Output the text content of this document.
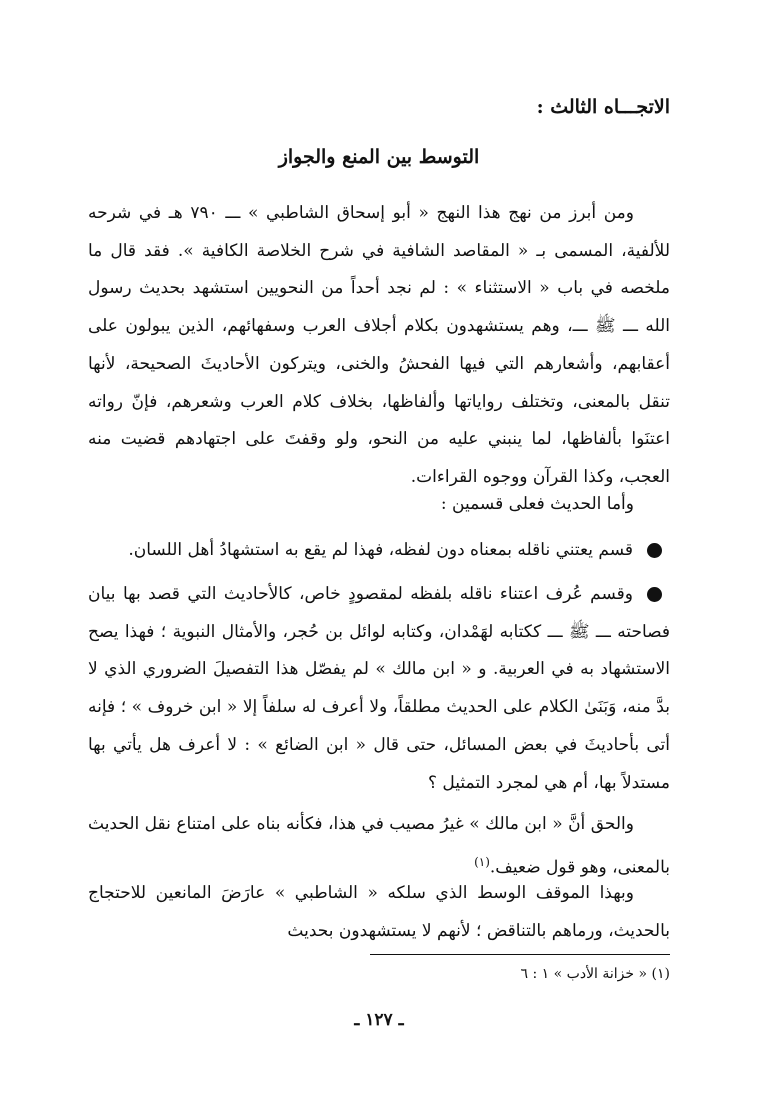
الاتجـــاه الثالث :
التوسط بين المنع والجواز

ومن أبرز من نهج هذا النهج « أبو إسحاق الشاطبي » ـــ ٧٩٠ هـ في شرحه للألفية، المسمى بـ « المقاصد الشافية في شرح الخلاصة الكافية ». فقد قال ما ملخصه في باب « الاستثناء » : لم نجد أحداً من النحويين استشهد بحديث رسول الله ـــ ﷺ ـــ، وهم يستشهدون بكلام أجلاف العرب وسفهائهم، الذين يبولون على أعقابهم، وأشعارهم التي فيها الفحشُ والخنى، ويتركون الأحاديثَ الصحيحة، لأنها تنقل بالمعنى، وتختلف رواياتها وألفاظها، بخلاف كلام العرب وشعرهم، فإنّ رواته اعتنَوا بألفاظها، لما ينبني عليه من النحو، ولو وقفتَ على اجتهادهم قضيت منه العجب، وكذا القرآن ووجوه القراءات.

وأما الحديث فعلى قسمين :

قسم يعتني ناقله بمعناه دون لفظه، فهذا لم يقع به استشهادُ أهل اللسان.

وقسم عُرف اعتناء ناقله بلفظه لمقصودٍ خاص، كالأحاديث التي قصد بها بيان فصاحته ـــ ﷺ ـــ ككتابه لهَمْدان، وكتابه لوائل بن حُجر، والأمثال النبوية ؛ فهذا يصح الاستشهاد به في العربية. و « ابن مالك » لم يفصّل هذا التفصيلَ الضروري الذي لا بدَّ منه، وَبَنَىٰ الكلام على الحديث مطلقاً، ولا أعرف له سلفاً إلا « ابن خروف » ؛ فإنه أتى بأحاديثَ في بعض المسائل، حتى قال « ابن الضائع » : لا أعرف هل يأتي بها مستدلاً بها، أم هي لمجرد التمثيل ؟

والحق أنَّ « ابن مالك » غيرُ مصيب في هذا، فكأنه بناه على امتناع نقل الحديث بالمعنى، وهو قول ضعيف.$^{(١)}$

وبهذا الموقف الوسط الذي سلكه « الشاطبي » عارَضَ المانعين للاحتجاج بالحديث، ورماهم بالتناقض ؛ لأنهم لا يستشهدون بحديث

(١) « خزانة الأدب » ١ : ٦
ـ ١٢٧ ـ
